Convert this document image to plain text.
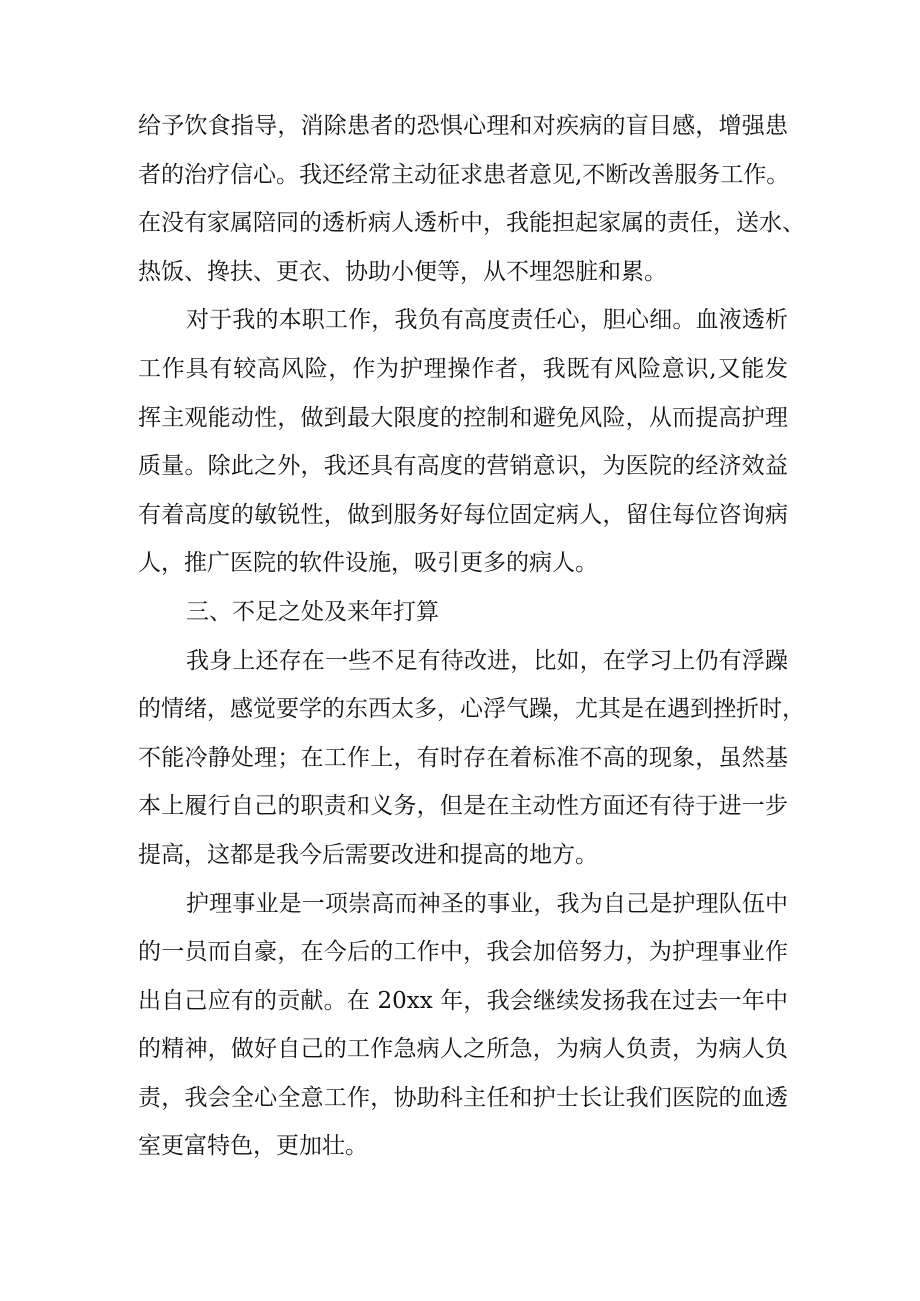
给予饮食指导，消除患者的恐惧心理和对疾病的盲目感，增强患
者的治疗信心。我还经常主动征求患者意见,不断改善服务工作。
在没有家属陪同的透析病人透析中，我能担起家属的责任，送水、
热饭、搀扶、更衣、协助小便等，从不埋怨脏和累。
对于我的本职工作，我负有高度责任心，胆心细。血液透析
工作具有较高风险，作为护理操作者，我既有风险意识,又能发
挥主观能动性，做到最大限度的控制和避免风险，从而提高护理
质量。除此之外，我还具有高度的营销意识，为医院的经济效益
有着高度的敏锐性，做到服务好每位固定病人，留住每位咨询病
人，推广医院的软件设施，吸引更多的病人。
三、不足之处及来年打算
我身上还存在一些不足有待改进，比如，在学习上仍有浮躁
的情绪，感觉要学的东西太多，心浮气躁，尤其是在遇到挫折时，
不能冷静处理；在工作上，有时存在着标准不高的现象，虽然基
本上履行自己的职责和义务，但是在主动性方面还有待于进一步
提高，这都是我今后需要改进和提高的地方。
护理事业是一项崇高而神圣的事业，我为自己是护理队伍中
的一员而自豪，在今后的工作中，我会加倍努力，为护理事业作
出自己应有的贡献。在 20xx 年，我会继续发扬我在过去一年中
的精神，做好自己的工作急病人之所急，为病人负责，为病人负
责，我会全心全意工作，协助科主任和护士长让我们医院的血透
室更富特色，更加壮。
